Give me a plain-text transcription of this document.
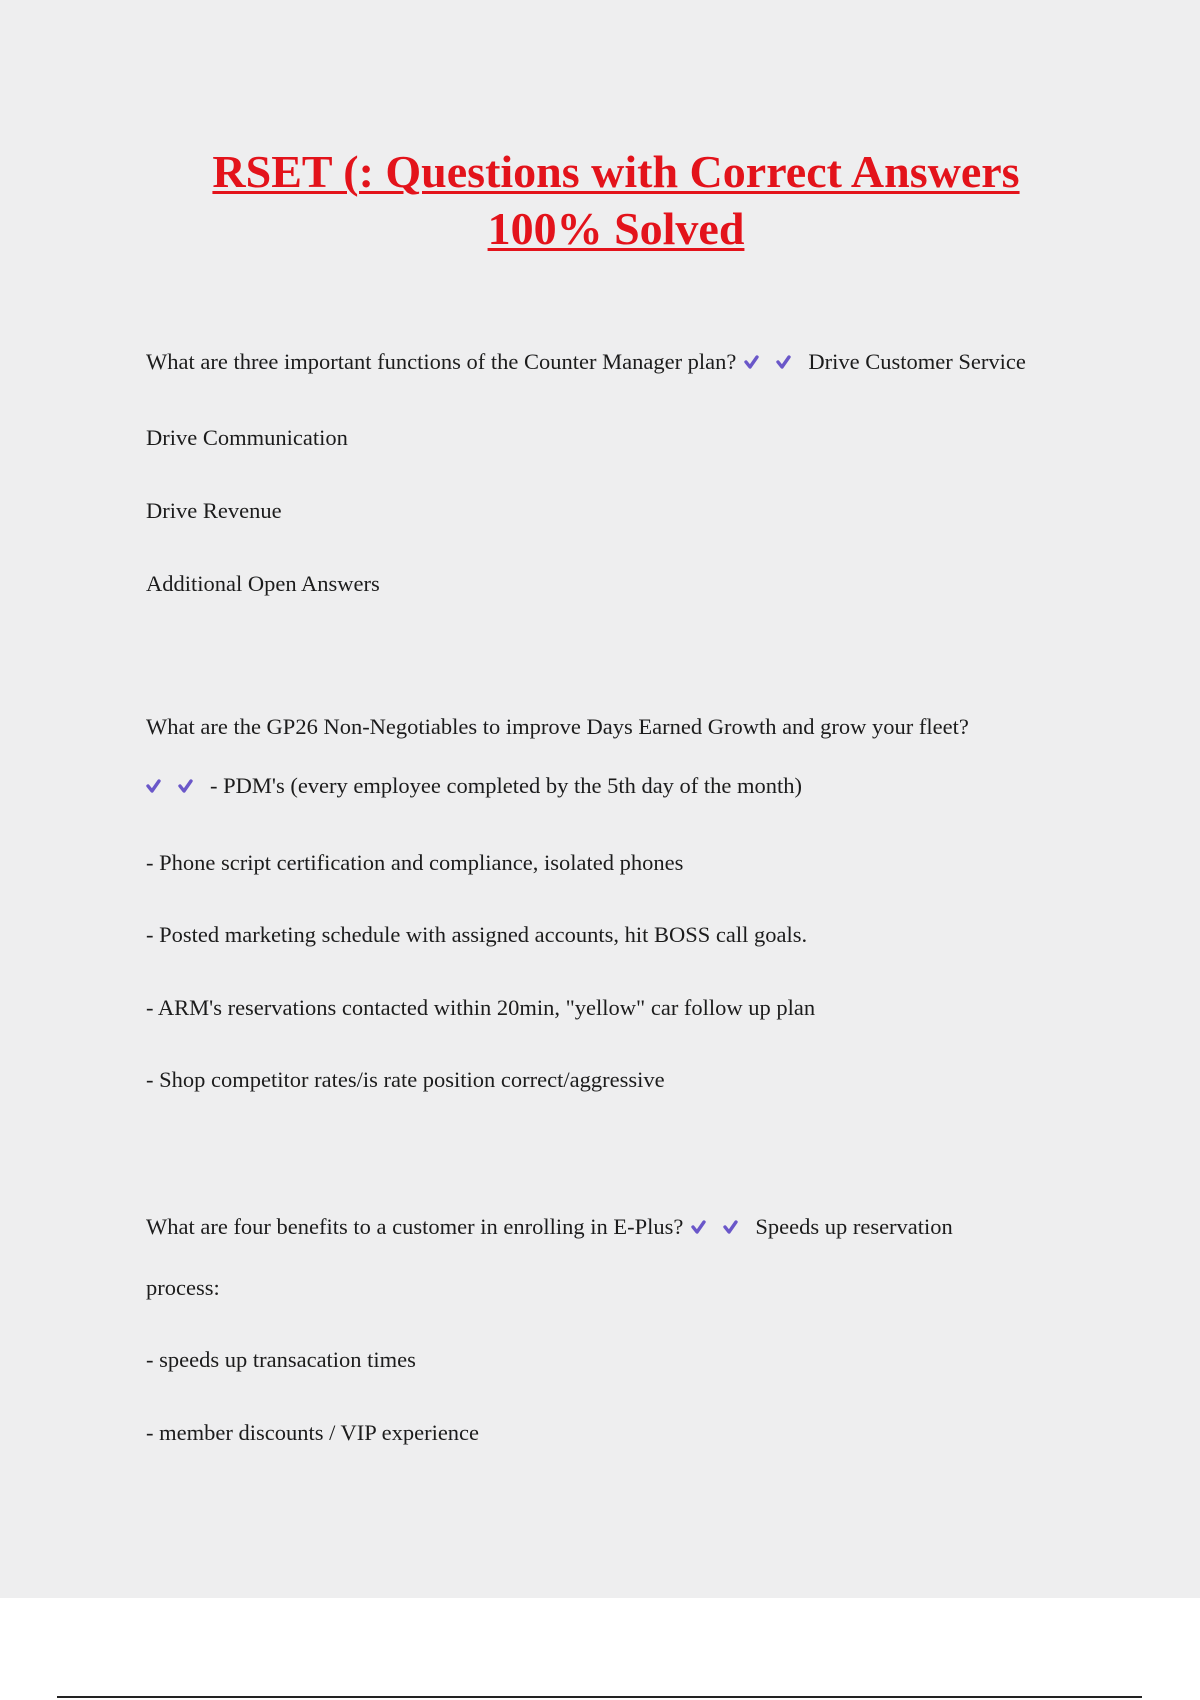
RSET (: Questions with Correct Answers
100% Solved

What are three important functions of the Counter Manager plan?	Drive Customer Service

Drive Communication

Drive Revenue

Additional Open Answers

What are the GP26 Non-Negotiables to improve Days Earned Growth and grow your fleet?

- PDM's (every employee completed by the 5th day of the month)

- Phone script certification and compliance, isolated phones

- Posted marketing schedule with assigned accounts, hit BOSS call goals.

- ARM's reservations contacted within 20min, "yellow" car follow up plan

- Shop competitor rates/is rate position correct/aggressive

What are four benefits to a customer in enrolling in E-Plus?	Speeds up reservation

process:

- speeds up transacation times

- member discounts / VIP experience
